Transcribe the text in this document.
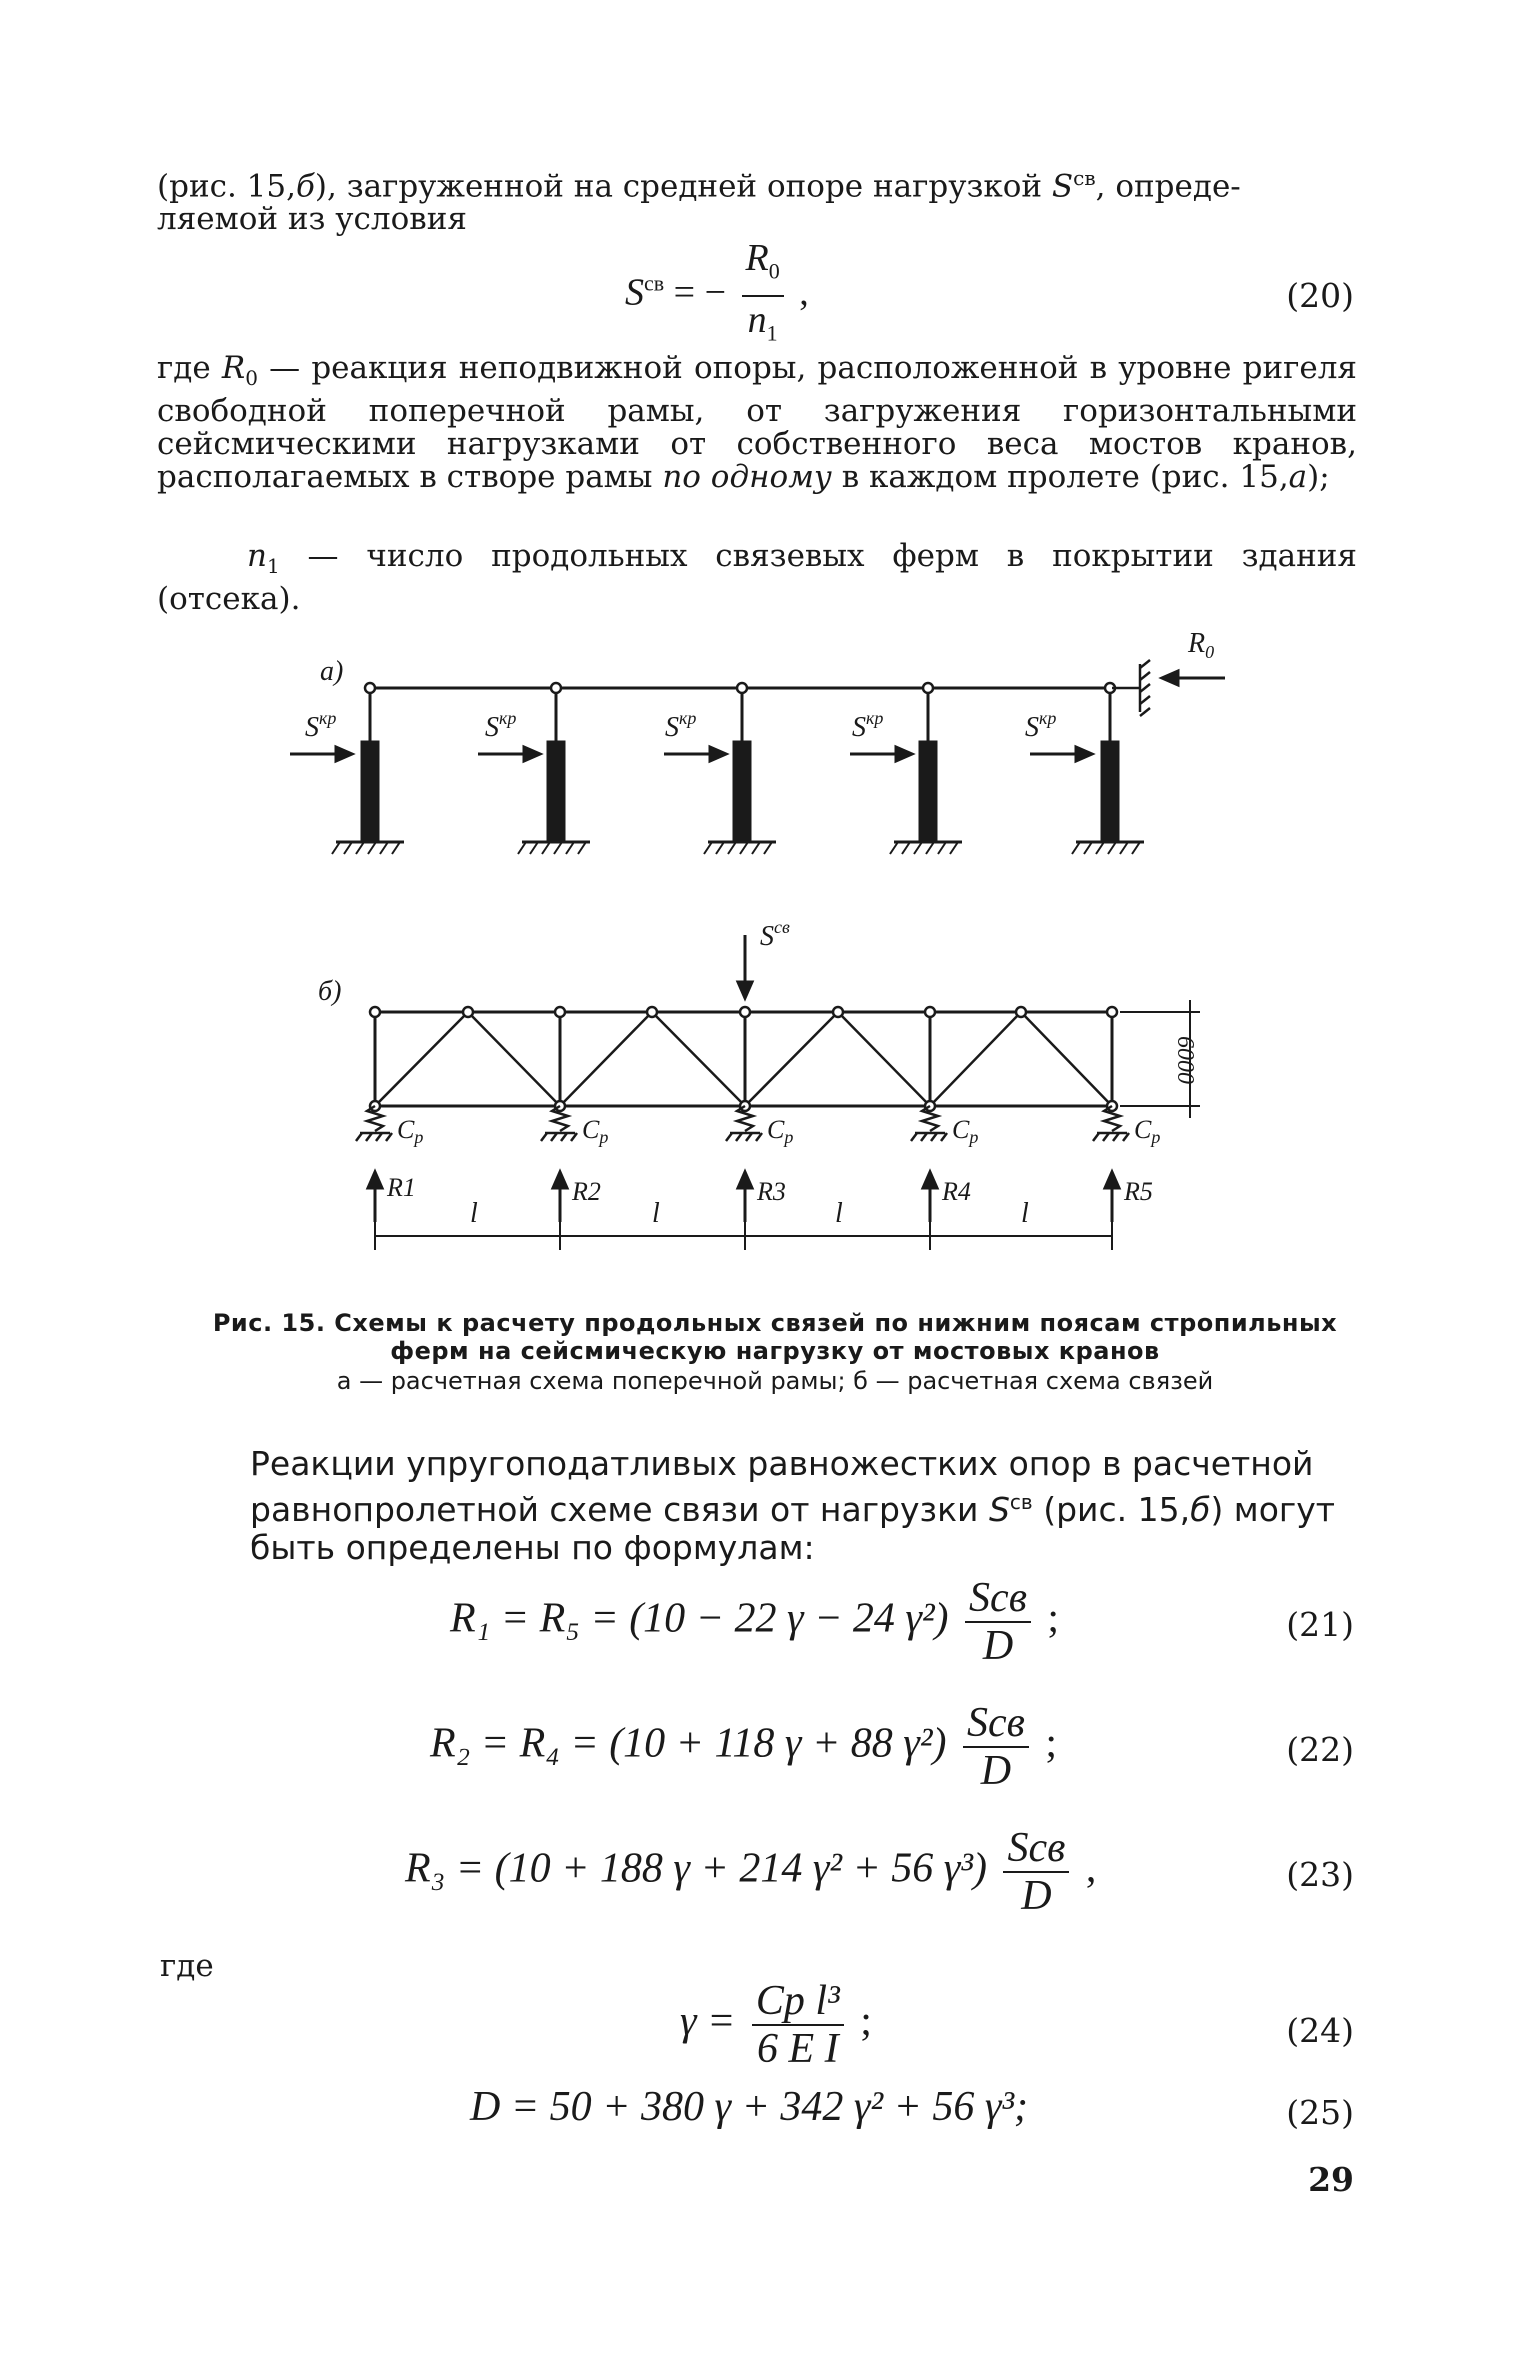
(рис. 15,б), загруженной на средней опоре нагрузкой $S^{св}$, опреде-
ляемой из условия
$S^{св}$ = − $\frac{R_0}{n_1}$ ,	(20)
где $R_0$ — реакция неподвижной опоры, расположенной в уровне ригеля свободной поперечной рамы, от загружения горизонтальными сейсмическими нагрузками от собственного веса мостов кранов, располагаемых в створе рамы по одному в каждом пролете (рис. 15,а);
$n_1$ — число продольных связевых ферм в покрытии здания (отсека).
а)
$R_0$
$S^{кр}$	$S^{кр}$	$S^{кр}$	$S^{кр}$	$S^{кр}$
б)
$S^{св}$
6000
Cp	Cp	Cp	Cp	Cp
R1	R2	R3	R4	R5
l	l	l	l
Рис. 15. Схемы к расчету продольных связей по нижним поясам стропильных
ферм на сейсмическую нагрузку от мостовых кранов
а — расчетная схема поперечной рамы; б — расчетная схема связей
Реакции упругоподатливых равножестких опор в расчетной равнопролетной схеме связи от нагрузки $S^{св}$ (рис. 15,б) могут быть определены по формулам:
R₁ = R₅ = (10 − 22 γ − 24 $\gamma^2) \frac{\text{Sсв}}{D}$ ;	(21)
R₂ = R₄ = (10 + 118 γ + 88 $\gamma^2) \frac{\text{Sсв}}{D}$ ;	(22)
R₃ = (10 + 188 γ + 214 γ² + 56 $\gamma^3) \frac{\text{Sсв}}{D}$ ,	(23)
где
$\gamma = \frac{\text{Cp l³}}{\text{6 E I}}$ ;	(24)
D = 50 + 380 γ + 342 γ² + 56 γ³;	(25)
29
